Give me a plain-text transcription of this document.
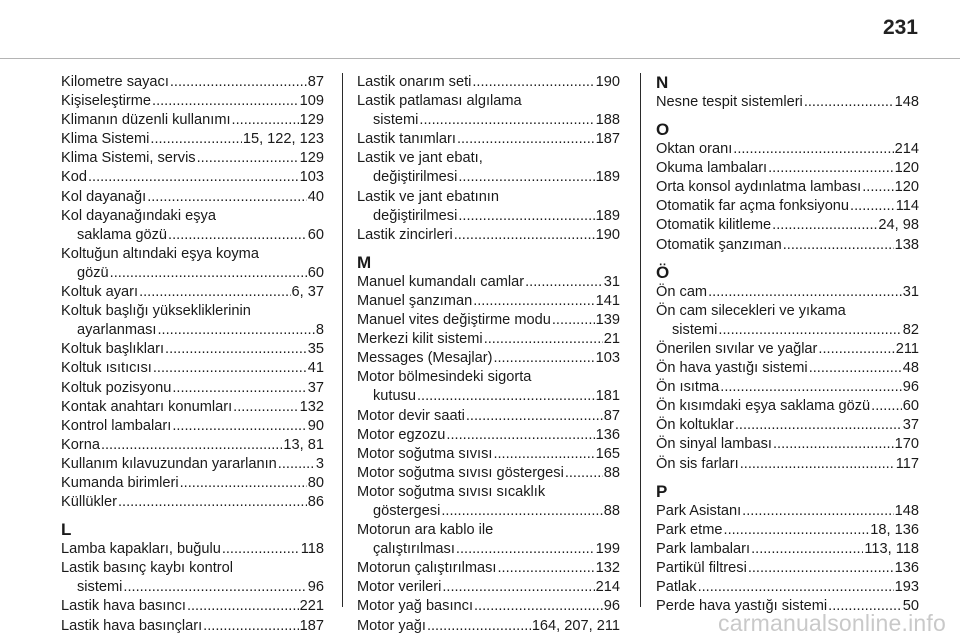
231
Kilometre sayacı .....	87
Kişiseleştirme .....	109
Klimanın düzenli kullanımı .....	129
Klima Sistemi .....	15, 122, 123
Klima Sistemi, servis .....	129
Kod .....	103
Kol dayanağı .....	40
Kol dayanağındaki eşya
saklama gözü .....	60
Koltuğun altındaki eşya koyma
gözü .....	60
Koltuk ayarı .....	6, 37
Koltuk başlığı yüksekliklerinin
ayarlanması .....	8
Koltuk başlıkları .....	35
Koltuk ısıtıcısı .....	41
Koltuk pozisyonu .....	37
Kontak anahtarı konumları .....	132
Kontrol lambaları .....	90
Korna .....	13, 81
Kullanım kılavuzundan yararlanın .....	3
Kumanda birimleri .....	80
Küllükler .....	86
L
Lamba kapakları, buğulu .....	118
Lastik basınç kaybı kontrol
sistemi .....	96
Lastik hava basıncı .....	221
Lastik hava basınçları .....	187
Lastik onarım seti .....	190
Lastik patlaması algılama
sistemi .....	188
Lastik tanımları .....	187
Lastik ve jant ebatı,
değiştirilmesi .....	189
Lastik ve jant ebatının
değiştirilmesi .....	189
Lastik zincirleri .....	190
M
Manuel kumandalı camlar .....	31
Manuel şanzıman .....	141
Manuel vites değiştirme modu .....	139
Merkezi kilit sistemi .....	21
Messages (Mesajlar) .....	103
Motor bölmesindeki sigorta
kutusu .....	181
Motor devir saati .....	87
Motor egzozu .....	136
Motor soğutma sıvısı .....	165
Motor soğutma sıvısı göstergesi .....	88
Motor soğutma sıvısı sıcaklık
göstergesi .....	88
Motorun ara kablo ile
çalıştırılması .....	199
Motorun çalıştırılması .....	132
Motor verileri .....	214
Motor yağ basıncı .....	96
Motor yağı .....	164, 207, 211
N
Nesne tespit sistemleri .....	148
O
Oktan oranı .....	214
Okuma lambaları .....	120
Orta konsol aydınlatma lambası ..... 120
Otomatik far açma fonksiyonu .....	114
Otomatik kilitleme .....	24, 98
Otomatik şanzıman .....	138
Ö
Ön cam .....	31
Ön cam silecekleri ve yıkama
sistemi .....	82
Önerilen sıvılar ve yağlar .....	211
Ön hava yastığı sistemi .....	48
Ön ısıtma .....	96
Ön kısımdaki eşya saklama gözü ..... 60
Ön koltuklar .....	37
Ön sinyal lambası .....	170
Ön sis farları .....	117
P
Park Asistanı .....	148
Park etme .....	18, 136
Park lambaları .....	113, 118
Partikül filtresi .....	136
Patlak .....	193
Perde hava yastığı sistemi .....	50
carmanualsonline.info
